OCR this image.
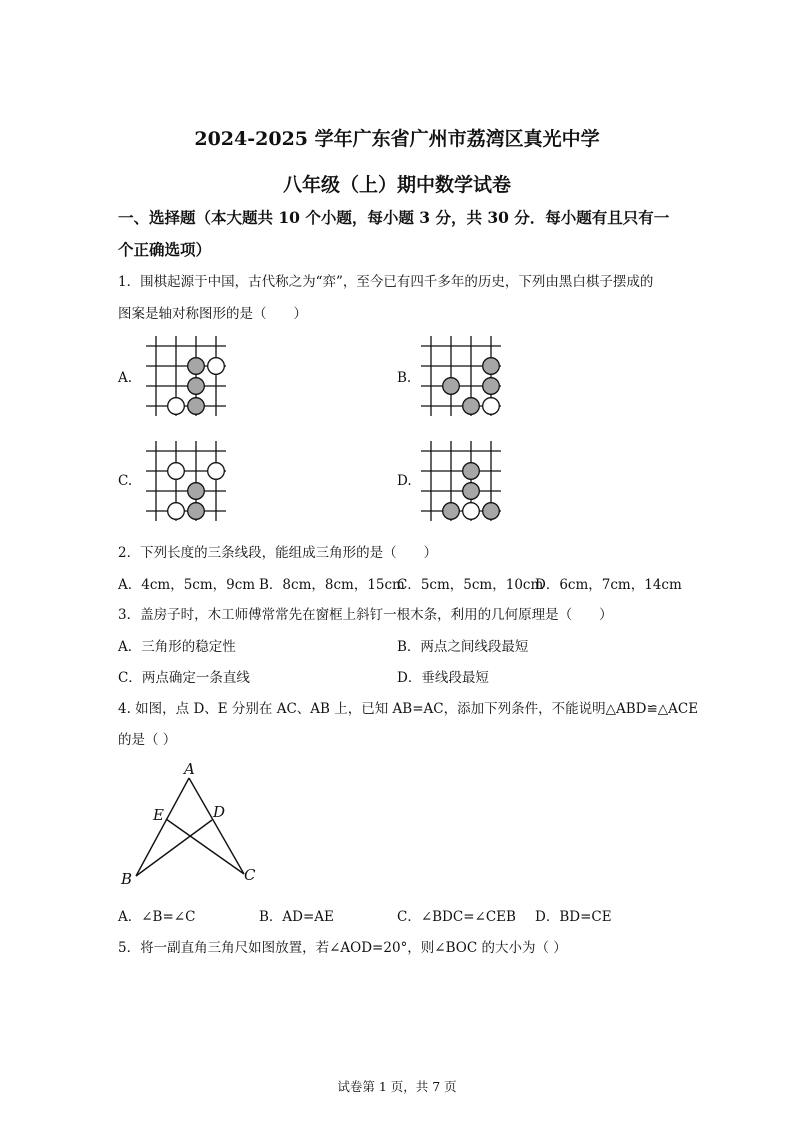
2024-2025 学年广东省广州市荔湾区真光中学
八年级（上）期中数学试卷
一、选择题（本大题共 10 个小题，每小题 3 分，共 30 分．每小题有且只有一
个正确选项）
1．围棋起源于中国，古代称之为“弈”，至今已有四千多年的历史，下列由黑白棋子摆成的
图案是轴对称图形的是（　　）
A.	B.
C.	D.
2．下列长度的三条线段，能组成三角形的是（　　）
A．4cm，5cm，9cm B．8cm，8cm，15cm
C．5cm，5cm，10cm
D．6cm，7cm，14cm
3．盖房子时，木工师傅常常先在窗框上斜钉一根木条，利用的几何原理是（　　）
A．三角形的稳定性	B．两点之间线段最短
C．两点确定一条直线	D．垂线段最短
4. 如图，点 D、E 分别在 AC、AB 上，已知 AB=AC，添加下列条件，不能说明△ABD≌△ACE
的是（ ）
A
B	C
D
E
A．∠B=∠C	B．AD=AE	C．∠BDC=∠CEB D．BD=CE
5．将一副直角三角尺如图放置，若∠AOD=20°，则∠BOC 的大小为（ ）
试卷第 1 页，共 7 页
